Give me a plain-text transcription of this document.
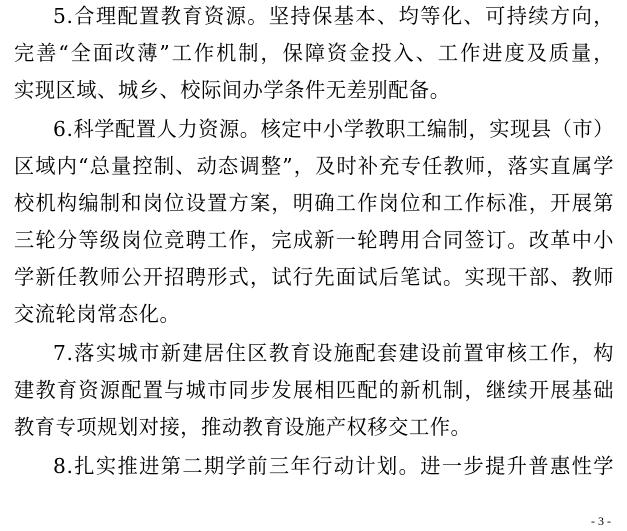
5.合理配置教育资源。坚持保基本、均等化、可持续方向，
完善“全面改薄”工作机制，保障资金投入、工作进度及质量，
实现区域、城乡、校际间办学条件无差别配备。
6.科学配置人力资源。核定中小学教职工编制，实现县（市）
区域内“总量控制、动态调整”，及时补充专任教师，落实直属学
校机构编制和岗位设置方案，明确工作岗位和工作标准，开展第
三轮分等级岗位竞聘工作，完成新一轮聘用合同签订。改革中小
学新任教师公开招聘形式，试行先面试后笔试。实现干部、教师
交流轮岗常态化。
7.落实城市新建居住区教育设施配套建设前置审核工作，构
建教育资源配置与城市同步发展相匹配的新机制，继续开展基础
教育专项规划对接，推动教育设施产权移交工作。
8.扎实推进第二期学前三年行动计划。进一步提升普惠性学
- 3 -
